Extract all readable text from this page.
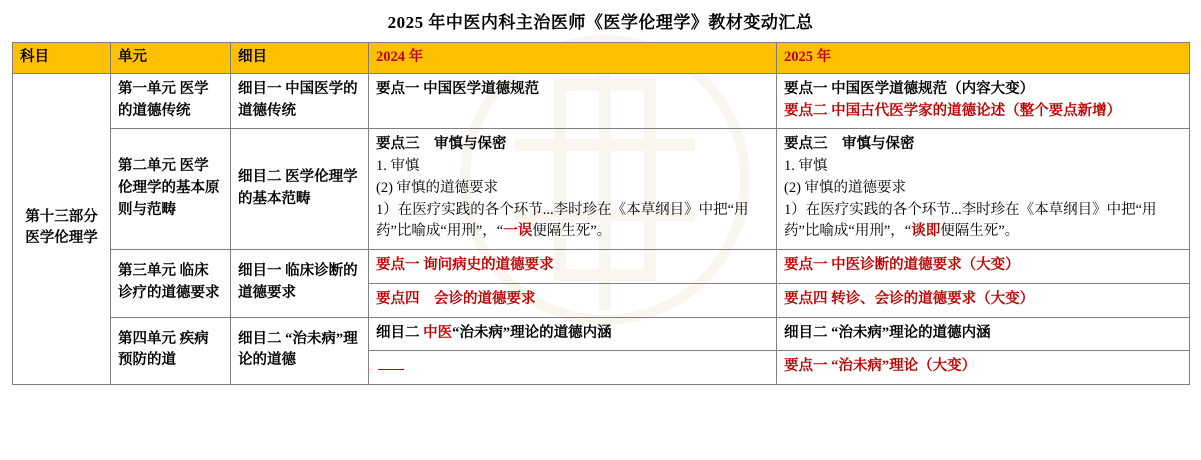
2025 年中医内科主治医师《医学伦理学》教材变动汇总
科目	单元	细目	2024 年	2025 年
第十三部分 医学伦理学	第一单元 医学的道德传统	细目一 中国医学的道德传统	要点一 中国医学道德规范	要点一 中国医学道德规范（内容大变）
要点二 中国古代医学家的道德论述（整个要点新增）

	第二单元 医学伦理学的基本原则与范畴	细目二 医学伦理学的基本范畴	要点三　审慎与保密
1. 审慎
(2) 审慎的道德要求
1）在医疗实践的各个环节...李时珍在《本草纲目》中把“用药”比喻成“用刑”，“一误便隔生死”。	要点三　审慎与保密
1. 审慎
(2) 审慎的道德要求
1）在医疗实践的各个环节...李时珍在《本草纲目》中把“用药”比喻成“用刑”，“谈即便隔生死”。

	第三单元 临床诊疗的道德要求	细目一 临床诊断的道德要求	要点一 询问病史的道德要求	要点一 中医诊断的道德要求（大变）

			要点四　会诊的道德要求	要点四 转诊、会诊的道德要求（大变）

	第四单元 疾病预防的道	细目二 “治未病”理论的道德	细目二 中医“治未病”理论的道德内涵	细目二 “治未病”理论的道德内涵

				要点一 “治未病”理论（大变）
